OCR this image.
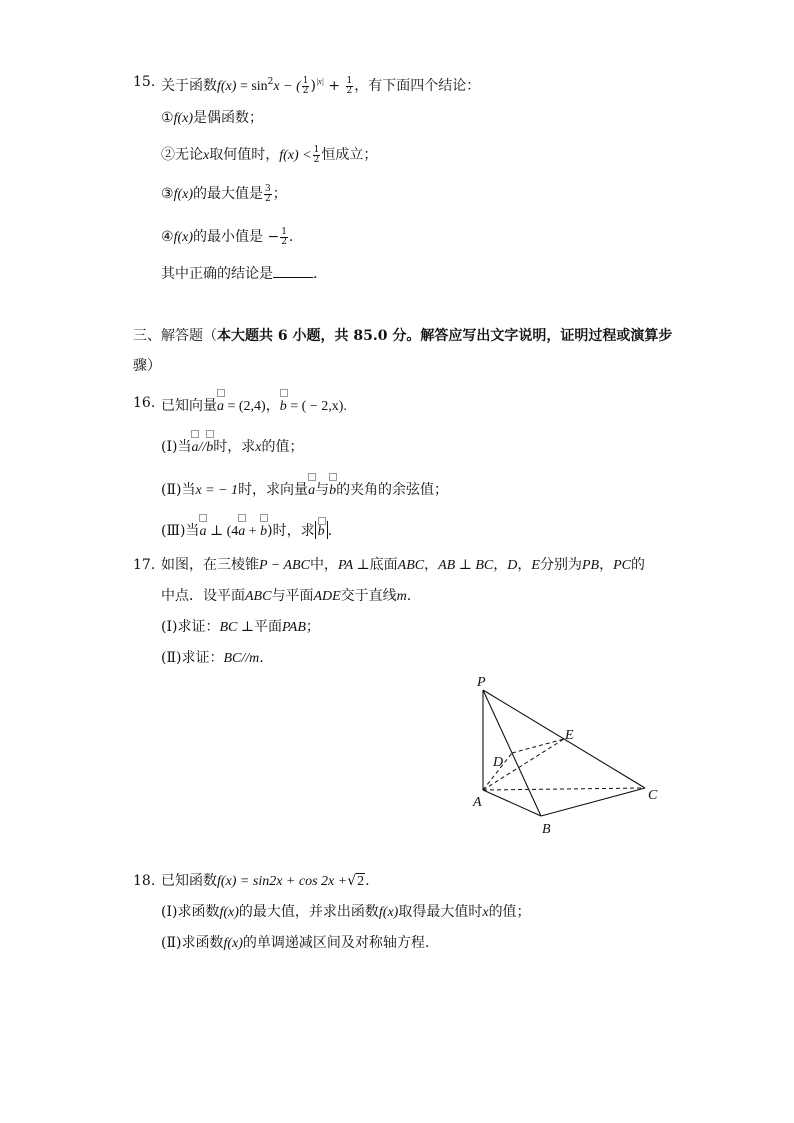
15. 关于函数$f(x) = \sin^2x$ − ( $\frac{1}{2} )^{|x|} + \frac{1}{2}$ ，有下面四个结论：
①f(x)是偶函数；
②无论x取何值时，$f(x) < \frac{1}{2}$ 恒成立；
③f(x)的最大值是 $\frac{3}{2}$ ；
④f(x)的最小值是 − $\frac{1}{2}$ .
其中正确的结论是	.
三、解答题（本大题共 6 小题，共 85.0 分。解答应写出文字说明，证明过程或演算步
骤）
16. 已知向量
a = (2,4)，
b = ( − 2,x).
(Ⅰ)当
a//
b时，求x的值；
(Ⅱ)当x = − 1时，求向量
a与
b的夹角的余弦值；
(Ⅲ)当
a ⊥ (4
a +
b)时，求 b .
17. 如图，在三棱锥P − ABC中，PA ⊥底面ABC，AB ⊥ BC，D，E分别为PB，PC的
中点．设平面ABC与平面ADE交于直线m.
(Ⅰ)求证：BC ⊥平面PAB；
(Ⅱ)求证：BC//m.
P
E
D
A	C
B
18. 已知函数f(x) = sin2x + cos 2x +√2.
(Ⅰ)求函数f(x)的最大值，并求出函数f(x)取得最大值时x的值；
(Ⅱ)求函数f(x)的单调递减区间及对称轴方程.
